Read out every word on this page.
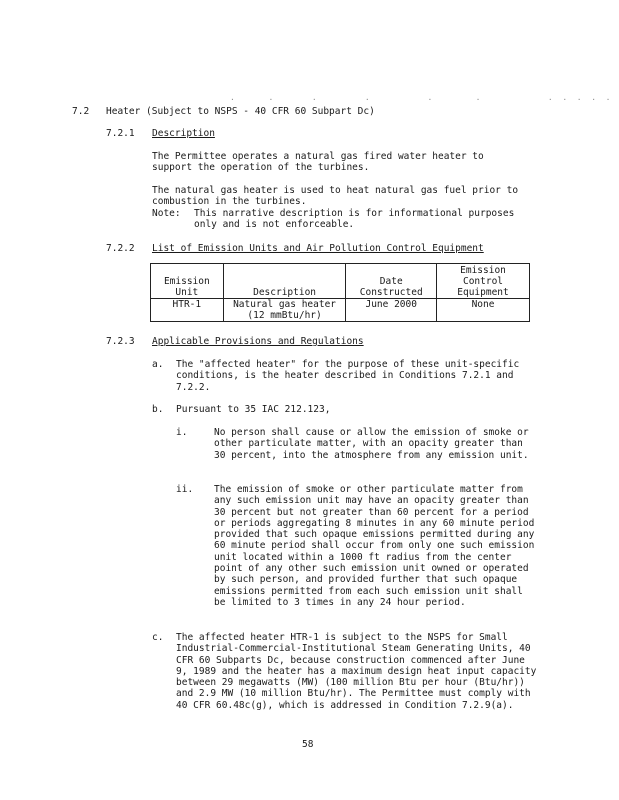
.       .        .          .            .         .              .  .  .  .  .
7.2 Heater (Subject to NSPS - 40 CFR 60 Subpart Dc)
7.2.1 Description

The Permittee operates a natural gas fired water heater to support the operation of the turbines.

The natural gas heater is used to heat natural gas fuel prior to combustion in the turbines.

Note: This narrative description is for informational purposes only and is not enforceable.

7.2.2 List of Emission Units and Air Pollution Control Equipment
Emission Unit	Description	Date Constructed	Emission Control Equipment
HTR-1	Natural gas heater (12 mmBtu/hr)	June 2000	None
7.2.3 Applicable Provisions and Regulations
a. The "affected heater" for the purpose of these unit-specific conditions, is the heater described in Conditions 7.2.1 and 7.2.2.

b. Pursuant to 35 IAC 212.123,

i.	No person shall cause or allow the emission of smoke or other particulate matter, with an opacity greater than 30 percent, into the atmosphere from any emission unit.

ii. The emission of smoke or other particulate matter from any such emission unit may have an opacity greater than 30 percent but not greater than 60 percent for a period or periods aggregating 8 minutes in any 60 minute period provided that such opaque emissions permitted during any 60 minute period shall occur from only one such emission unit located within a 1000 ft radius from the center point of any other such emission unit owned or operated by such person, and provided further that such opaque emissions permitted from each such emission unit shall be limited to 3 times in any 24 hour period.

c. The affected heater HTR-1 is subject to the NSPS for Small Industrial-Commercial-Institutional Steam Generating Units, 40 CFR 60 Subparts Dc, because construction commenced after June 9, 1989 and the heater has a maximum design heat input capacity between 29 megawatts (MW) (100 million Btu per hour (Btu/hr)) and 2.9 MW (10 million Btu/hr). The Permittee must comply with 40 CFR 60.48c(g), which is addressed in Condition 7.2.9(a).

58
